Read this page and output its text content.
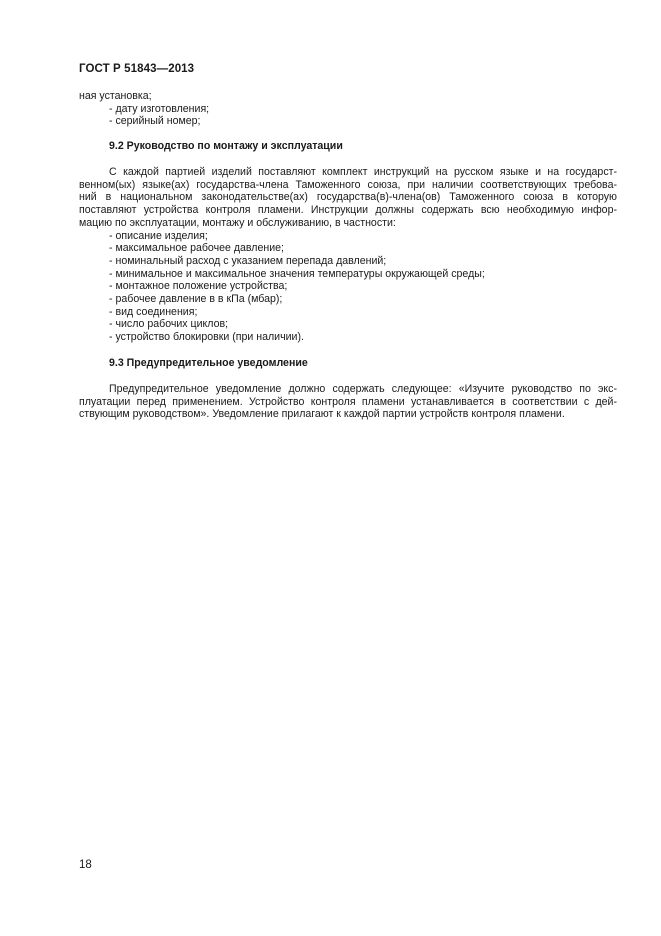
ГОСТ Р 51843—2013
ная установка;
- дату изготовления;
- серийный номер;
9.2 Руководство по монтажу и эксплуатации
С каждой партией изделий поставляют комплект инструкций на русском языке и на государст-
венном(ых) языке(ах) государства-члена Таможенного союза, при наличии соответствующих требова-
ний в национальном законодательстве(ах) государства(в)-члена(ов) Таможенного союза в которую
поставляют устройства контроля пламени. Инструкции должны содержать всю необходимую инфор-
мацию по эксплуатации, монтажу и обслуживанию, в частности:
- описание изделия;
- максимальное рабочее давление;
- номинальный расход с указанием перепада давлений;
- минимальное и максимальное значения температуры окружающей среды;
- монтажное положение устройства;
- рабочее давление в в кПа (мбар);
- вид соединения;
- число рабочих циклов;
- устройство блокировки (при наличии).
9.3 Предупредительное уведомление
Предупредительное уведомление должно содержать следующее: «Изучите руководство по экс-
плуатации перед применением. Устройство контроля пламени устанавливается в соответствии с дей-
ствующим руководством». Уведомление прилагают к каждой партии устройств контроля пламени.
18
